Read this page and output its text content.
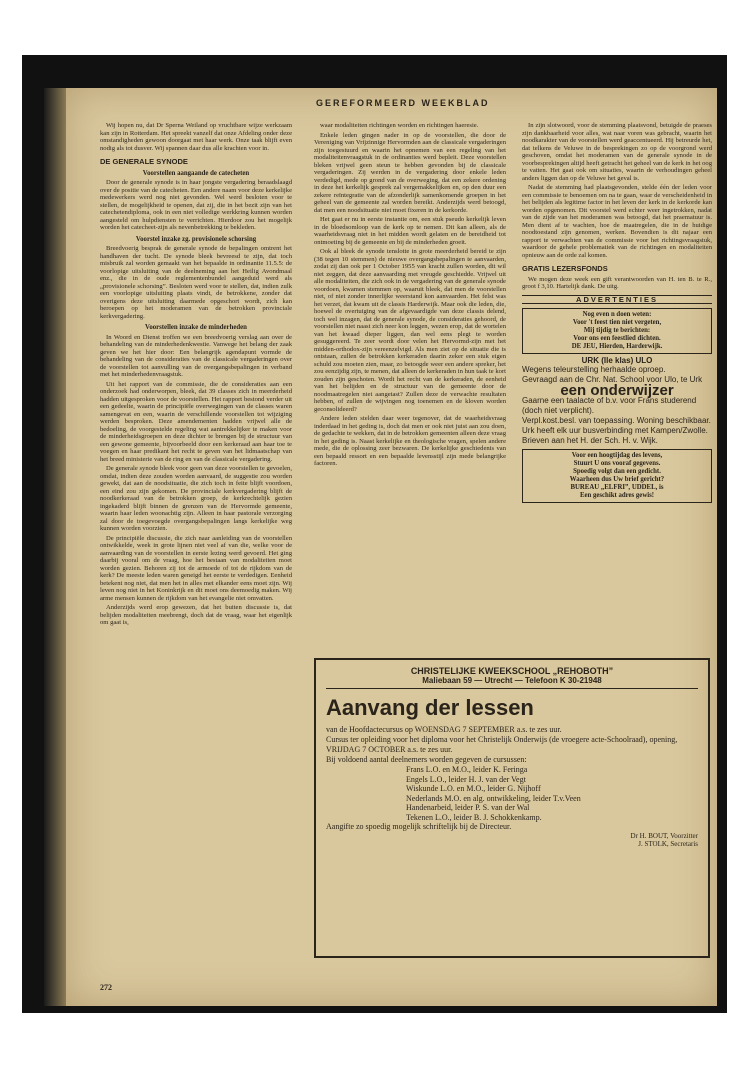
GEREFORMEERD WEEKBLAD

Wij hopen nu, dat Dr Sperna Weiland op vruchtbare wijze werkzaam kan zijn in Rotterdam. Het spreekt vanzelf dat onze Afdeling onder deze omstandigheden gewoon doorgaat met haar werk. Onze taak blijft even nodig als tot dusver. Wij spannen daar dus alle krachten voor in.

DE GENERALE SYNODE
Voorstellen aangaande de catecheten

Door de generale synode is in haar jongste vergadering beraadslaagd over de positie van de catecheten. Een andere naam voor deze kerkelijke medewerkers werd nog niet gevonden. Wel werd besloten voor te stellen, de mogelijkheid te openen, dat zij, die in het bezit zijn van het catechetendiploma, ook in een niet volledige werkkring kunnen worden aangesteld om hulpdiensten te verrichten. Hierdoor zou het mogelijk worden het catecheet-zijn als nevenbetrekking te bekleden.

Voorstel inzake zg. provisionele schorsing

Breedvoerig besprak de generale synode de bepalingen omtrent het handhaven der tucht. De synode bleek bevreesd te zijn, dat toch misbruik zal worden gemaakt van het bepaalde in ordinantie 11.5.5: de voorlopige uitsluiting van de deelneming aan het Heilig Avondmaal enz., die in de oude reglementenbundel aangeduid werd als „provisionele schorsing”. Besloten werd voor te stellen, dat, indien zulk een voorlopige uitsluiting plaats vindt, de betrokkene, zonder dat overigens deze uitsluiting daarmede opgeschort wordt, zich kan beroepen op het moderamen van de betrokken provinciale kerkvergadering.

Voorstellen inzake de minderheden

In Woord en Dienst troffen we een breedvoerig verslag aan over de behandeling van de minderhedenkwestie. Vanwege het belang der zaak geven we het hier door: Een belangrijk agendapunt vormde de behandeling van de consideraties van de classicale vergaderingen over de voorstellen tot aanvulling van de overgangsbepalingen in verband met het minderhedenvraagstuk.

Uit het rapport van de commissie, die de consideraties aan een onderzoek had onderworpen, bleek, dat 39 classes zich in meerderheid hadden uitgesproken voor de voorstellen. Het rapport bestond verder uit een gedeelte, waarin de principiële overwegingen van de classes waren samengevat en een, waarin de verschillende voorstellen tot wijziging werden besproken. Deze amendementen hadden vrijwel alle de bedoeling, de voorgestelde regeling wat aantrekkelijker te maken voor de minderheidsgroepen en deze dichter te brengen bij de structuur van een gewone gemeente, bijvoorbeeld door een kerkeraad aan haar toe te voegen en haar predikant het recht te geven van het lidmaatschap van het breed ministerie van de ring en van de classicale vergadering.

De generale synode bleek voor geen van deze voorstellen te gevoelen, omdat, indien deze zouden worden aanvaard, de suggestie zou worden gewekt, dat aan de noodsituatie, die zich toch in feite blijft voordoen, een eind zou zijn gekomen. De provinciale kerkvergadering blijft de noodkerkeraad van de betrokken groep, de kerkrechtelijk gezien ingekaderd blijft binnen de grenzen van de Hervormde gemeente, waarin haar leden woonachtig zijn. Alleen in haar pastorale verzorging zal door de toegevoegde overgangsbepalingen langs kerkelijke weg kunnen worden voorzien.

De principiële discussie, die zich naar aanleiding van de voorstellen ontwikkelde, week in grote lijnen niet veel af van die, welke voor de aanvaarding van de voorstellen in eerste lezing werd gevoerd. Het ging daarbij vooral om de vraag, hoe het bestaan van modaliteiten moet worden gezien. Behoren zij tot de armoede of tot de rijkdom van de kerk? De meeste leden waren geneigd het eerste te verdedigen. Eenheid betekent nog niet, dat men het in alles met elkander eens moet zijn. Wij leven nog niet in het Koninkrijk en dit moet ons deemoedig maken. Wij arme mensen kunnen de rijkdom van het evangelie niet omvatten.

Anderzijds werd erop gewezen, dat het buiten discussie is, dat belijden modaliteiten meebrengt, doch dat de vraag, waar het eigenlijk om gaat is,

waar modaliteiten richtingen worden en richtingen haeresie.

Enkele leden gingen nader in op de voorstellen, die door de Vereniging van Vrijzinnige Hervormden aan de classicale vergaderingen zijn toegestuurd en waarin het opnemen van een regeling van het modaliteitenvraagstuk in de ordinanties werd bepleit. Deze voorstellen bleken vrijwel geen steun te hebben gevonden bij de classicale vergaderingen. Zij werden in de vergadering door enkele leden verdedigd, mede op grond van de overweging, dat een zekere ordening in deze het kerkelijk gesprek zal vergemakkelijken en, op den duur een zekere reïntegratie van de afzonderlijk samenkomende groepen in het geheel van de gemeente zal worden bereikt. Anderzijds werd betoogd, dat men een noodsituatie niet moet fixeren in de kerkorde.

Het gaat er nu in eerste instantie om, een stuk pseudo kerkelijk leven in de bloedsomloop van de kerk op te nemen. Dit kan alleen, als de waarheidsvraag niet in het midden wordt gelaten en de bereidheid tot ontmoeting bij de gemeente en bij de minderheden groeit.

Ook al bleek de synode tenslotte in grote meerderheid bereid te zijn (38 tegen 10 stemmen) de nieuwe overgangsbepalingen te aanvaarden, zodat zij dan ook per 1 October 1955 van kracht zullen worden, dit wil niet zeggen, dat deze aanvaarding met vreugde geschiedde. Vrijwel uit alle modaliteiten, die zich ook in de vergadering van de generale synode voordoen, kwamen stemmen op, waaruit bleek, dat men de voorstellen niet, of niet zonder innerlijke weerstand kon aanvaarden. Het felst was het verzet, dat kwam uit de classis Harderwijk. Maar ook die leden, die, hoewel de overtuiging van de afgevaardigde van deze classis delend, toch wel inzagen, dat de generale synode, de consideraties gehoord, de voorstellen niet naast zich neer kon leggen, wezen erop, dat de wortelen van het kwaad dieper liggen, dan wel eens plegt te worden gesuggereerd. Te zeer wordt door velen het Hervormd-zijn met het midden-orthodox-zijn vereenzelvigd. Als men ziet op de situatie die is ontstaan, zullen de betrokken kerkeraden daarin zeker een stuk eigen schuld zou moeten zien, maar, zo betoogde weer een andere spreker, het zou eenzijdig zijn, te menen, dat alleen de kerkeraden in hun taak te kort zouden zijn geschoten. Wordt het recht van de kerkeraden, de eenheid van het belijden en de structuur van de gemeente door de noodmaatregelen niet aangetast? Zullen deze de verwachte resultaten hebben, of zullen de wijvingen nog toenemen en de kloven worden geconsolideerd?

Andere leden stelden daar weer tegenover, dat de waarheidsvraag inderdaad in het geding is, doch dat men er ook niet juist aan zou doen, de gedachte te wekken, dat in de betrokken gemeenten alleen deze vraag in het geding is. Naast kerkelijke en theologische vragen, spelen andere mede, die de oplossing zeer bezwaren. De kerkelijke geschiedenis van een bepaald ressort en een bepaalde levensstijl zijn mede belangrijke factoren.

In zijn slotwoord, voor de stemming plaatsvond, betuigde de praeses zijn dankbaarheid voor alles, wat naar voren was gebracht, waarin het noodkarakter van de voorstellen werd geaccentueerd. Hij betreurde het, dat telkens de Veluwe in de besprekingen zo op de voorgrond werd geschoven, omdat het moderamen van de generale synode in de voorbesprekingen altijd heeft getracht het geheel van de kerk in het oog te vatten. Het gaat ook om situaties, waarin de verhoudingen geheel anders liggen dan op de Veluwe het geval is.

Nadat de stemming had plaatsgevonden, stelde één der leden voor een commissie te benoemen om na te gaan, waar de verscheidenheid in het belijden als legitime factor in het leven der kerk in de kerkorde kan worden opgenomen. Dit voorstel werd echter weer ingetrokken, nadat van de zijde van het moderamen was betoogd, dat het praematuur is. Men dient af te wachten, hoe de maatregelen, die in de huidige noodtoestand zijn genomen, werken. Bovendien is dit najaar een rapport te verwachten van de commissie voor het richtingsvraagstuk, waardoor de gehele problematiek van de richtingen en modaliteiten opnieuw aan de orde zal komen.

GRATIS LEZERSFONDS

We mogen deze week een gift verantwoorden van H. ten B. te R., groot f 3,10. Hartelijk dank. De uitg.

ADVERTENTIES
Nog even n doen weten:
Voor 't feest tien niet vergeten,
Mij tijdig te berichten:
Voor ons een feestlied dichten.
DE JEU, Hierden, Harderwijk.
URK (Ile klas) ULO
Wegens teleurstelling herhaalde oproep.
Gevraagd aan de Chr. Nat. School voor Ulo, te Urk
een onderwijzer
Gaarne een taalacte of b.v. voor Frans studerend (doch niet verplicht).
Verpl.kost.besl. van toepassing. Woning beschikbaar. Urk heeft elk uur busverbinding met Kampen/Zwolle.
Brieven aan het H. der Sch. H. v. Wijk.
Voor een hoogtijdag des levens,
Stuurt U ons vooraf gegevens.
Spoedig volgt dan een gedicht.
Waarheen dus Uw brief gericht?
BUREAU „ELFRI”, UDDEL, is
Een geschikt adres gewis!
CHRISTELIJKE KWEEKSCHOOL „REHOBOTH”
Maliebaan 59 — Utrecht — Telefoon K 30-21948
Aanvang der lessen

van de Hoofdactecursus op WOENSDAG 7 SEPTEMBER a.s. te zes uur.

Cursus ter opleiding voor het diploma voor het Christelijk Onderwijs (de vroegere acte-Schoolraad), opening, VRIJDAG 7 OCTOBER a.s. te zes uur.

Bij voldoend aantal deelnemers worden gegeven de cursussen:

Frans L.O. en M.O., leider K. Feringa

Engels L.O., leider H. J. van der Vegt

Wiskunde L.O. en M.O., leider G. Nijhoff

Nederlands M.O. en alg. ontwikkeling, leider T.v.Veen

Handenarbeid, leider P. S. van der Wal

Tekenen L.O., leider B. J. Schokkenkamp.

Aangifte zo spoedig mogelijk schriftelijk bij de Directeur.

Dr H. BOUT, Voorzitter

J. STOLK, Secretaris

272
